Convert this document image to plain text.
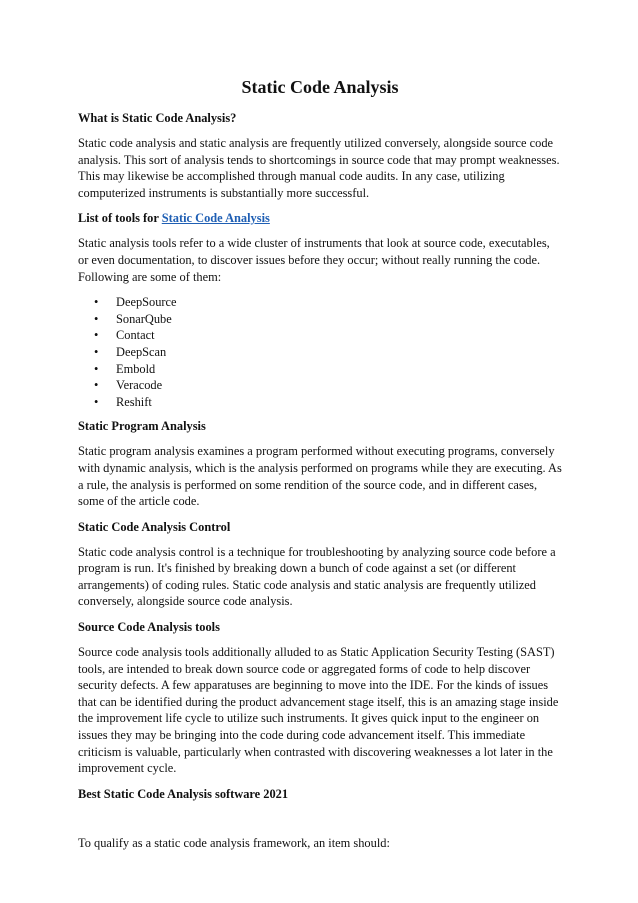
Static Code Analysis
What is Static Code Analysis?

Static code analysis and static analysis are frequently utilized conversely, alongside source code analysis. This sort of analysis tends to shortcomings in source code that may prompt weaknesses. This may likewise be accomplished through manual code audits. In any case, utilizing computerized instruments is substantially more successful.

List of tools for Static Code Analysis

Static analysis tools refer to a wide cluster of instruments that look at source code, executables, or even documentation, to discover issues before they occur; without really running the code. Following are some of them:

• DeepSource
• SonarQube
• Contact
• DeepScan
• Embold
• Veracode
• Reshift
Static Program Analysis

Static program analysis examines a program performed without executing programs, conversely with dynamic analysis, which is the analysis performed on programs while they are executing. As a rule, the analysis is performed on some rendition of the source code, and in different cases, some of the article code.

Static Code Analysis Control

Static code analysis control is a technique for troubleshooting by analyzing source code before a program is run. It's finished by breaking down a bunch of code against a set (or different arrangements) of coding rules. Static code analysis and static analysis are frequently utilized conversely, alongside source code analysis.

Source Code Analysis tools

Source code analysis tools additionally alluded to as Static Application Security Testing (SAST) tools, are intended to break down source code or aggregated forms of code to help discover security defects. A few apparatuses are beginning to move into the IDE. For the kinds of issues that can be identified during the product advancement stage itself, this is an amazing stage inside the improvement life cycle to utilize such instruments. It gives quick input to the engineer on issues they may be bringing into the code during code advancement itself. This immediate criticism is valuable, particularly when contrasted with discovering weaknesses a lot later in the improvement cycle.

Best Static Code Analysis software 2021

To qualify as a static code analysis framework, an item should:
